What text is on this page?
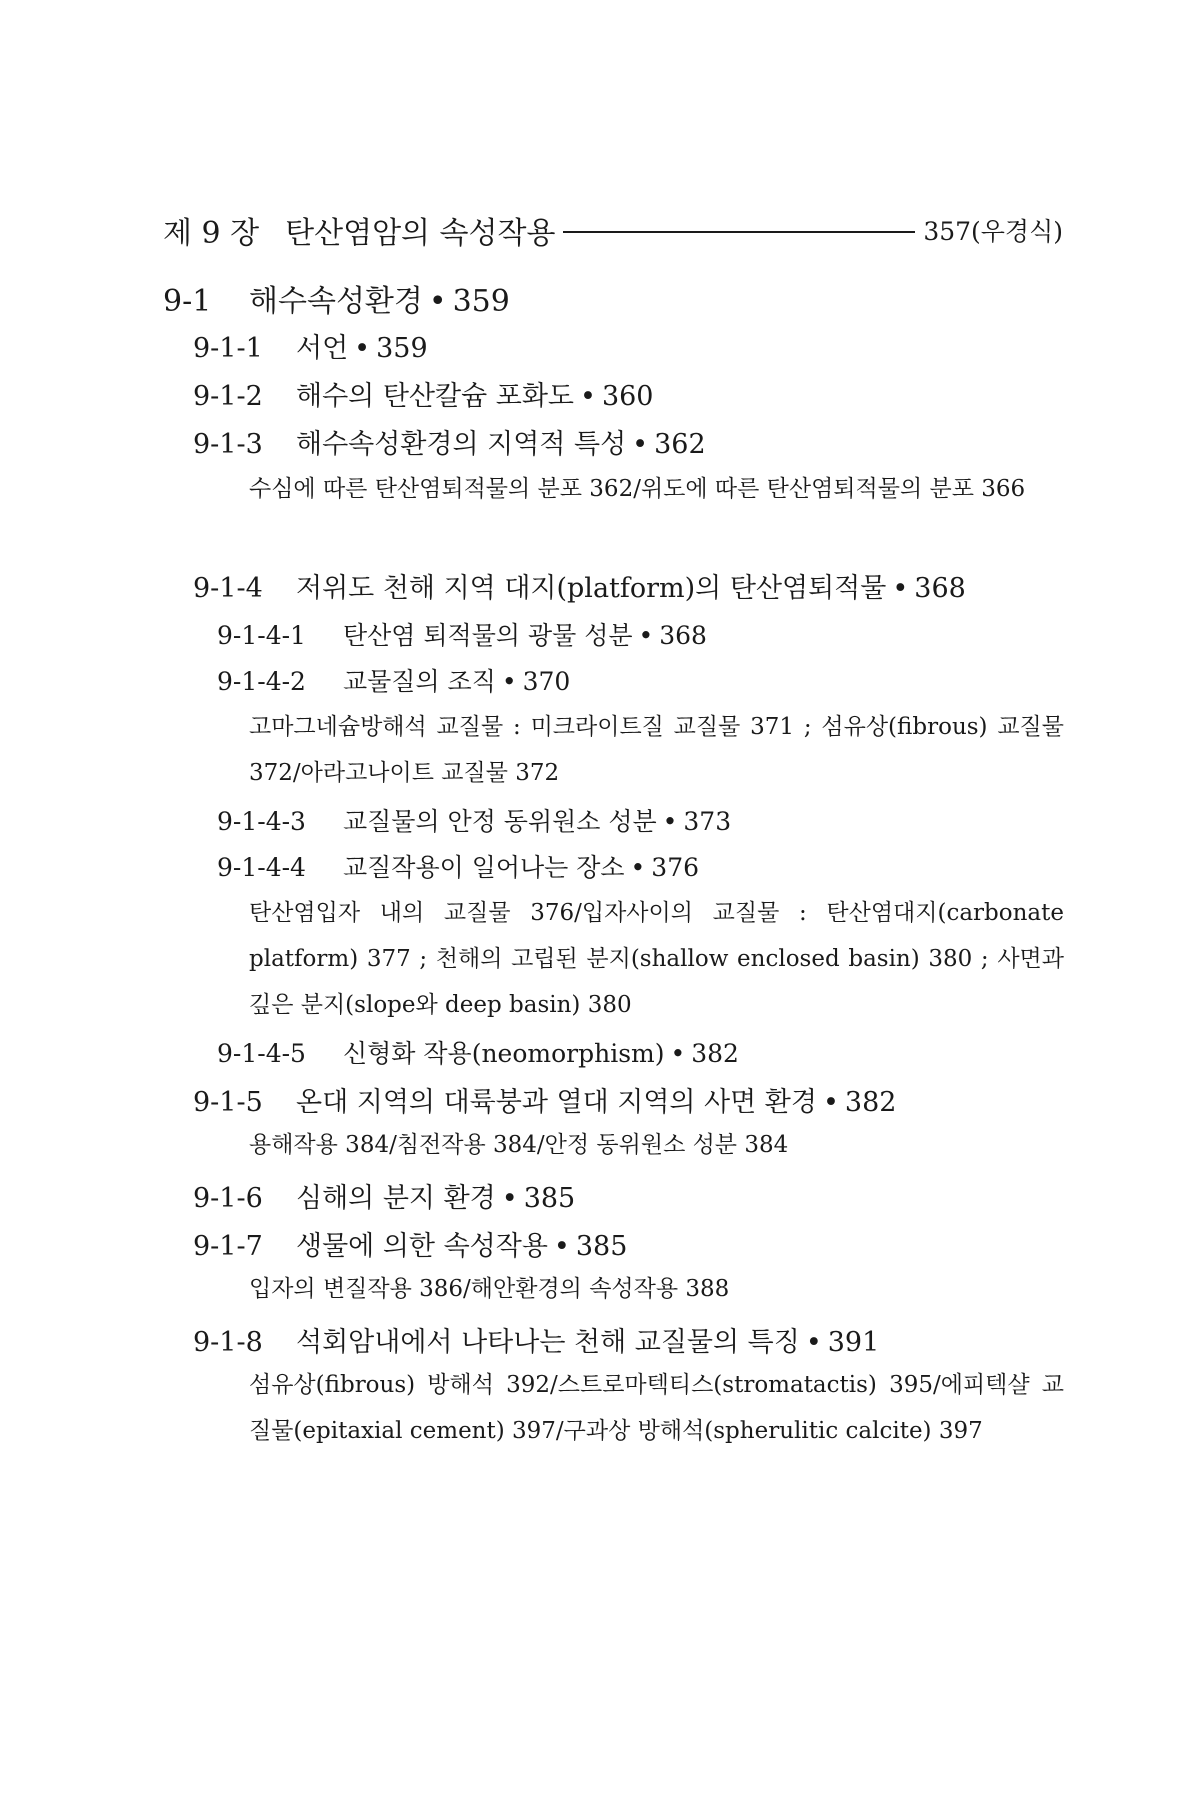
제 9 장 탄산염암의 속성작용	357(우경식)
9-1 해수속성환경 • 359
9-1-1 서언 • 359
9-1-2 해수의 탄산칼슘 포화도 • 360
9-1-3 해수속성환경의 지역적 특성 • 362
수심에 따른 탄산염퇴적물의 분포 362/위도에 따른 탄산염퇴적물의 분포 366
9-1-4 저위도 천해 지역 대지(platform)의 탄산염퇴적물 • 368
9-1-4-1 탄산염 퇴적물의 광물 성분 • 368
9-1-4-2 교물질의 조직 • 370
고마그네슘방해석 교질물 : 미크라이트질 교질물 371 ; 섬유상(fibrous) 교질물 372/아라고나이트 교질물 372
9-1-4-3 교질물의 안정 동위원소 성분 • 373
9-1-4-4 교질작용이 일어나는 장소 • 376
탄산염입자 내의 교질물 376/입자사이의 교질물 : 탄산염대지(carbonate platform) 377 ; 천해의 고립된 분지(shallow enclosed basin) 380 ; 사면과 깊은 분지(slope와 deep basin) 380
9-1-4-5 신형화 작용(neomorphism) • 382
9-1-5 온대 지역의 대륙붕과 열대 지역의 사면 환경 • 382
용해작용 384/침전작용 384/안정 동위원소 성분 384
9-1-6 심해의 분지 환경 • 385
9-1-7 생물에 의한 속성작용 • 385
입자의 변질작용 386/해안환경의 속성작용 388
9-1-8 석회암내에서 나타나는 천해 교질물의 특징 • 391
섬유상(fibrous) 방해석 392/스트로마텍티스(stromatactis) 395/에피텍샬 교질물(epitaxial cement) 397/구과상 방해석(spherulitic calcite) 397
